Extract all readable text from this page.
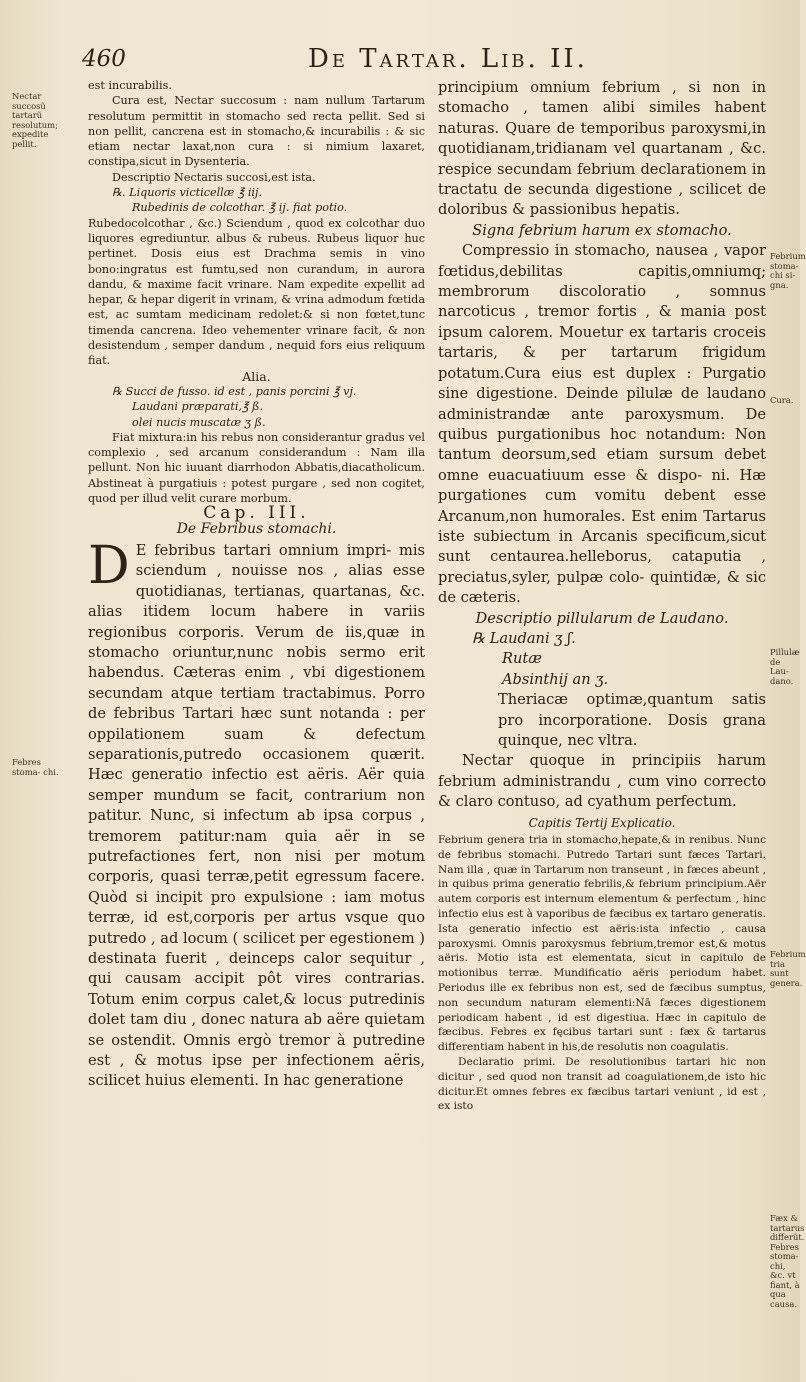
460	De Tartar. Lib. II.

est incurabilis.

Cura est, Nectar succosum : nam nullum Tartarum resolutum permittit in stomacho sed recta pellit. Sed si non pellit, cancrena est in stomacho,& incurabilis : & sic etiam nectar laxat,non cura : si nimium laxaret, constipa,sicut in Dysenteria.

Descriptio Nectaris succosi,est ista.

℞. Liquoris victicellæ ℥ iij.

Rubedinis de colcothar. ℥ ij. fiat potio.

Rubedocolcothar , &c.) Sciendum , quod ex colcothar duo liquores egrediuntur. albus & rubeus. Rubeus liquor huc pertinet. Dosis eius est Drachma semis in vino bono:ingratus est fumtu,sed non curandum, in aurora dandu, & maxime facit vrinare. Nam expedite expellit ad hepar, & hepar digerit in vrinam, & vrina admodum fœtida est, ac sumtam medicinam redolet:& si non fœtet,tunc timenda cancrena. Ideo vehementer vrinare facit, & non desistendum , semper dandum , nequid fors eius reliquum fiat.

Alia.

℞ Succi de fusso. id est , panis porcini ℥ vj.

Laudani præparati,℥ ß.

olei nucis muscatæ ʒ ß.

Fiat mixtura:in his rebus non considerantur gradus vel complexio , sed arcanum considerandum : Nam illa pellunt. Non hic iuuant diarrhodon Abbatis,diacatholicum. Abstineat à purgatiuis : potest purgare , sed non cogitet, quod per illud velit curare morbum.

Cap. III.

De Febribus stomachi.

D E febribus tartari omnium impri- mis sciendum , nouisse nos , alias esse quotidianas, tertianas, quartanas, &c. alias itidem locum habere in variis regionibus corporis. Verum de iis,quæ in stomacho oriuntur,nunc nobis sermo erit habendus. Cæteras enim , vbi digestionem secundam atque tertiam tractabimus. Porro de febribus Tartari hæc sunt notanda : per oppilationem suam & defectum separationis,putredo occasionem quærit. Hæc generatio infectio est aëris. Aër quia semper mundum se facit, contrarium non patitur. Nunc, si infectum ab ipsa corpus , tremorem patitur:nam quia aër in se putrefactiones fert, non nisi per motum corporis, quasi terræ,petit egressum facere. Quòd si incipit pro expulsione : iam motus terræ, id est,corporis per artus vsque quo putredo , ad locum ( scilicet per egestionem ) destinata fuerit , deinceps calor sequitur , qui causam accipit pôt vires contrarias. Totum enim corpus calet,& locus putredinis dolet tam diu , donec natura ab aëre quietam se ostendit. Omnis ergò tremor à putredine est , & motus ipse per infectionem aëris, scilicet huius elementi. In hac generatione

principium omnium febrium , si non in stomacho , tamen alibi similes habent naturas. Quare de temporibus paroxysmi,in quotidianam,tridianam vel quartanam , &c. respice secundam febrium declarationem in tractatu de secunda digestione , scilicet de doloribus & passionibus hepatis.

Signa febrium harum ex stomacho.

Compressio in stomacho, nausea , vapor fœtidus,debilitas capitis,omniumq; membrorum discoloratio , somnus narcoticus , tremor fortis , & mania post ipsum calorem. Mouetur ex tartaris croceis tartaris, & per tartarum frigidum potatum.Cura eius est duplex : Purgatio sine digestione. Deinde pilulæ de laudano administrandæ ante paroxysmum. De quibus purgationibus hoc notandum: Non tantum deorsum,sed etiam sursum debet omne euacuatiuum esse & dispo- ni. Hæ purgationes cum vomitu debent esse Arcanum,non humorales. Est enim Tartarus iste subiectum in Arcanis specificum,sicut sunt centaurea.helleborus, cataputia , preciatus,syler, pulpæ colo- quintidæ, & sic de cæteris.

Descriptio pillularum de Laudano.

℞ Laudani ʒ ʃ.

Rutæ

Absinthij an ʒ.

Theriacæ optimæ,quantum satis pro incorporatione. Dosis grana quinque, nec vltra.

Nectar quoque in principiis harum febrium administrandu , cum vino correcto & claro contuso, ad cyathum perfectum.

Capitis Tertij Explicatio.

Febrium genera tria in stomacho,hepate,& in renibus. Nunc de febribus stomachi. Putredo Tartari sunt fæces Tartari. Nam illa , quæ in Tartarum non transeunt , in fæces abeunt , in quibus prima generatio febrilis,& febrium principium.Aër autem corporis est internum elementum & perfectum , hinc infectio eius est à vaporibus de fæcibus ex tartaro generatis. Ista generatio infectio est aëris:ista infectio , causa paroxysmi. Omnis paroxysmus febrium,tremor est,& motus aëris. Motio ista est elementata, sicut in capitulo de motionibus terræ. Mundificatio aëris periodum habet. Periodus ille ex febribus non est, sed de fæcibus sumptus, non secundum naturam elementi:Nā fæces digestionem periodicam habent , id est digestiua. Hæc in capitulo de fæcibus. Febres ex fęcibus tartari sunt : fæx & tartarus differentiam habent in his,de resolutis non coagulatis.

Declaratio primi. De resolutionibus tartari hic non dicitur , sed quod non transit ad coagulationem,de isto hic dicitur.Et omnes febres ex fæcibus tartari veniunt , id est , ex isto

Nectar succosũ tartarũ resolutum; expedite pellit.
Febres stoma- chi.
Febrium stoma- chi si- gna.
Cura.
Pillulæ de Lau- dano.
Febrium tria sunt genera.
Fæx & tartarus differũt. Febres stoma- chi, &c. vt fiant, à qua causa.
